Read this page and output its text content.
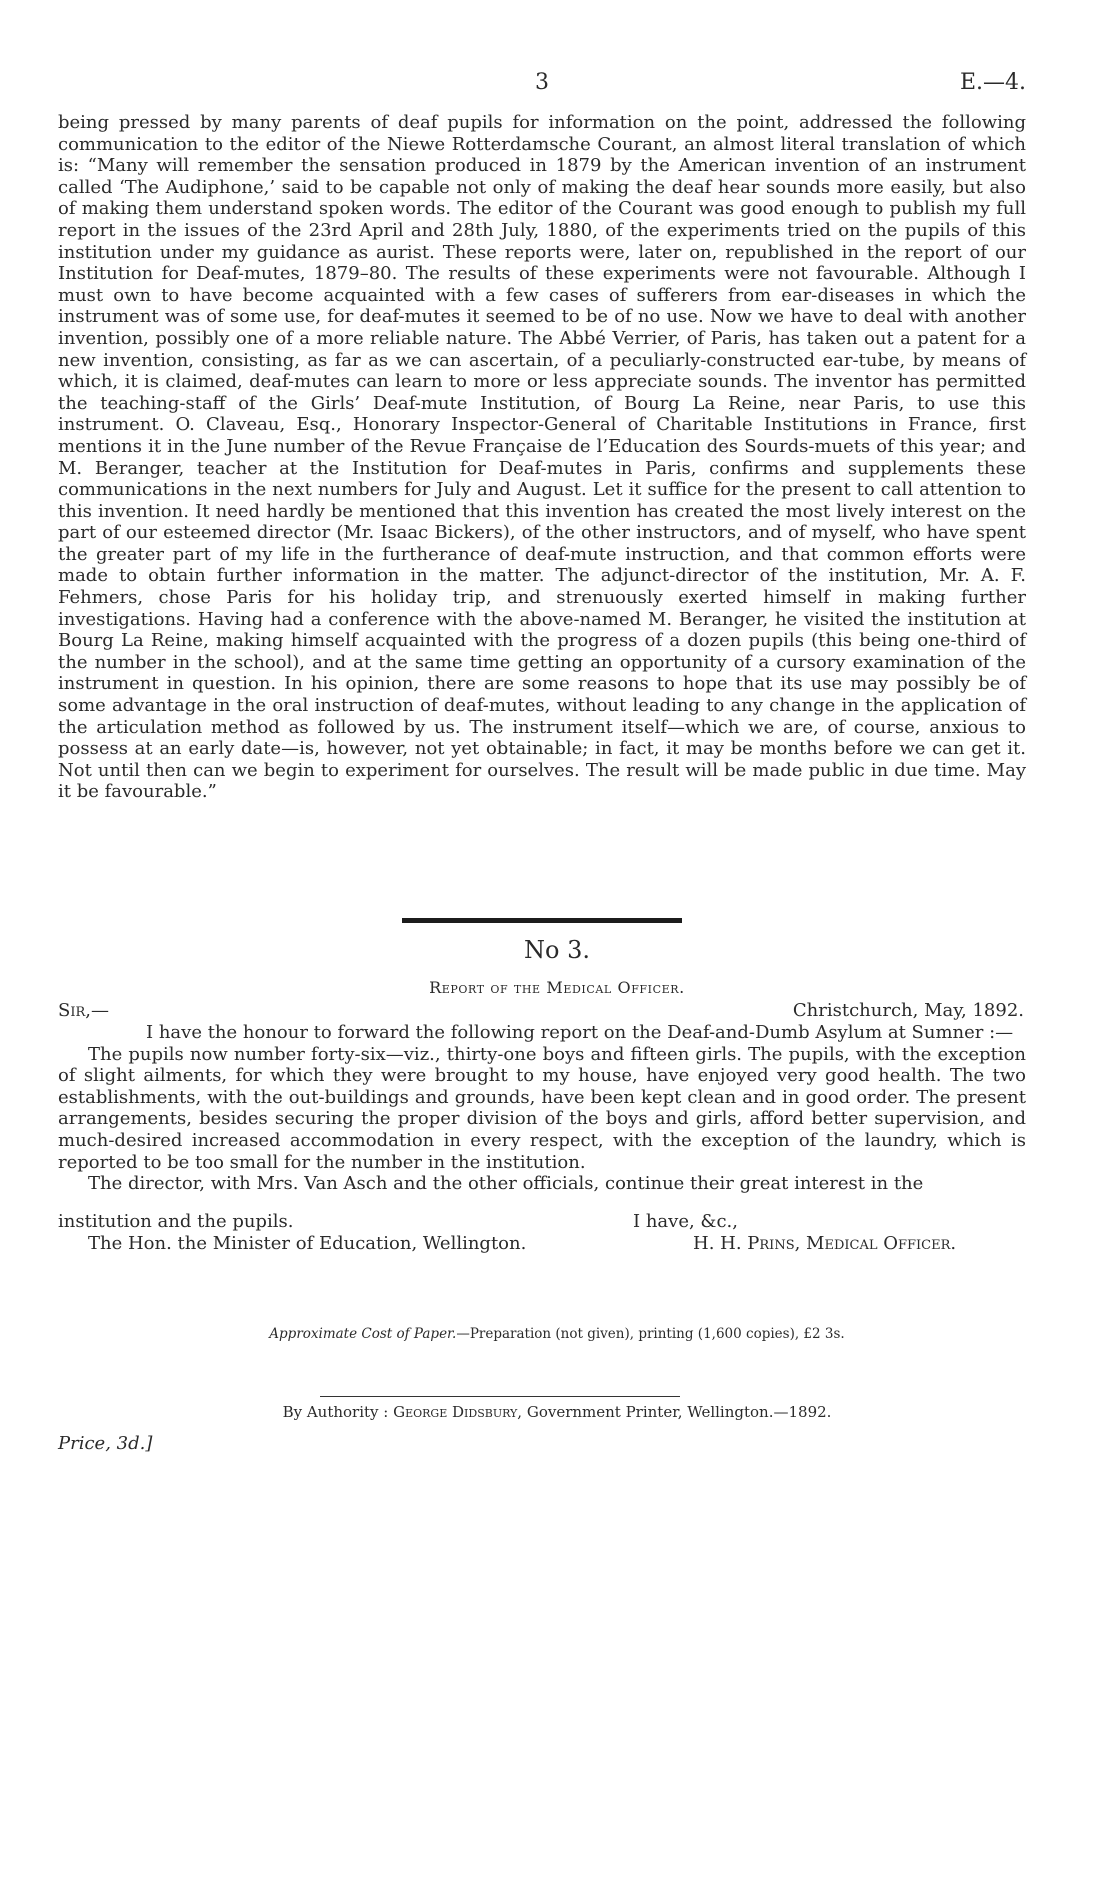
3	E.—4.

being pressed by many parents of deaf pupils for information on the point, addressed the following communication to the editor of the Niewe Rotterdamsche Courant, an almost literal translation of which is: “Many will remember the sensation produced in 1879 by the American invention of an instrument called ‘The Audiphone,’ said to be capable not only of making the deaf hear sounds more easily, but also of making them understand spoken words. The editor of the Courant was good enough to publish my full report in the issues of the 23rd April and 28th July, 1880, of the experiments tried on the pupils of this institution under my guidance as aurist. These reports were, later on, republished in the report of our Institution for Deaf-mutes, 1879–80. The results of these experiments were not favourable. Although I must own to have become acquainted with a few cases of sufferers from ear-diseases in which the instrument was of some use, for deaf-mutes it seemed to be of no use. Now we have to deal with another invention, possibly one of a more reliable nature. The Abbé Verrier, of Paris, has taken out a patent for a new invention, consisting, as far as we can ascertain, of a peculiarly-constructed ear-tube, by means of which, it is claimed, deaf-mutes can learn to more or less appreciate sounds. The inventor has permitted the teaching-staff of the Girls’ Deaf-mute Institution, of Bourg La Reine, near Paris, to use this instrument. O. Claveau, Esq., Honorary Inspector-General of Charitable Institutions in France, first mentions it in the June number of the Revue Française de l’Education des Sourds-muets of this year; and M. Beranger, teacher at the Institution for Deaf-mutes in Paris, confirms and supplements these communications in the next numbers for July and August. Let it suffice for the present to call attention to this invention. It need hardly be mentioned that this invention has created the most lively interest on the part of our esteemed director (Mr. Isaac Bickers), of the other instructors, and of myself, who have spent the greater part of my life in the furtherance of deaf-mute instruction, and that common efforts were made to obtain further information in the matter. The adjunct-director of the institution, Mr. A. F. Fehmers, chose Paris for his holiday trip, and strenuously exerted himself in making further investigations. Having had a conference with the above-named M. Beranger, he visited the institution at Bourg La Reine, making himself acquainted with the progress of a dozen pupils (this being one-third of the number in the school), and at the same time getting an opportunity of a cursory examination of the instrument in question. In his opinion, there are some reasons to hope that its use may possibly be of some advantage in the oral instruction of deaf-mutes, without leading to any change in the application of the articulation method as followed by us. The instrument itself—which we are, of course, anxious to possess at an early date—is, however, not yet obtainable; in fact, it may be months before we can get it. Not until then can we begin to experiment for ourselves. The result will be made public in due time. May it be favourable.”

No 3.
Report of the Medical Officer.
Sir,—	Christchurch, May, 1892.

I have the honour to forward the following report on the Deaf-and-Dumb Asylum at Sumner :—

The pupils now number forty-six—viz., thirty-one boys and fifteen girls. The pupils, with the exception of slight ailments, for which they were brought to my house, have enjoyed very good health. The two establishments, with the out-buildings and grounds, have been kept clean and in good order. The present arrangements, besides securing the proper division of the boys and girls, afford better supervision, and much-desired increased accommodation in every respect, with the exception of the laundry, which is reported to be too small for the number in the institution.

The director, with Mrs. Van Asch and the other officials, continue their great interest in the

institution and the pupils.	I have, &c.,
The Hon. the Minister of Education, Wellington.	H. H. Prins, Medical Officer.
Approximate Cost of Paper.—Preparation (not given), printing (1,600 copies), £2 3s.
By Authority : George Didsbury, Government Printer, Wellington.—1892.
Price, 3d.]
